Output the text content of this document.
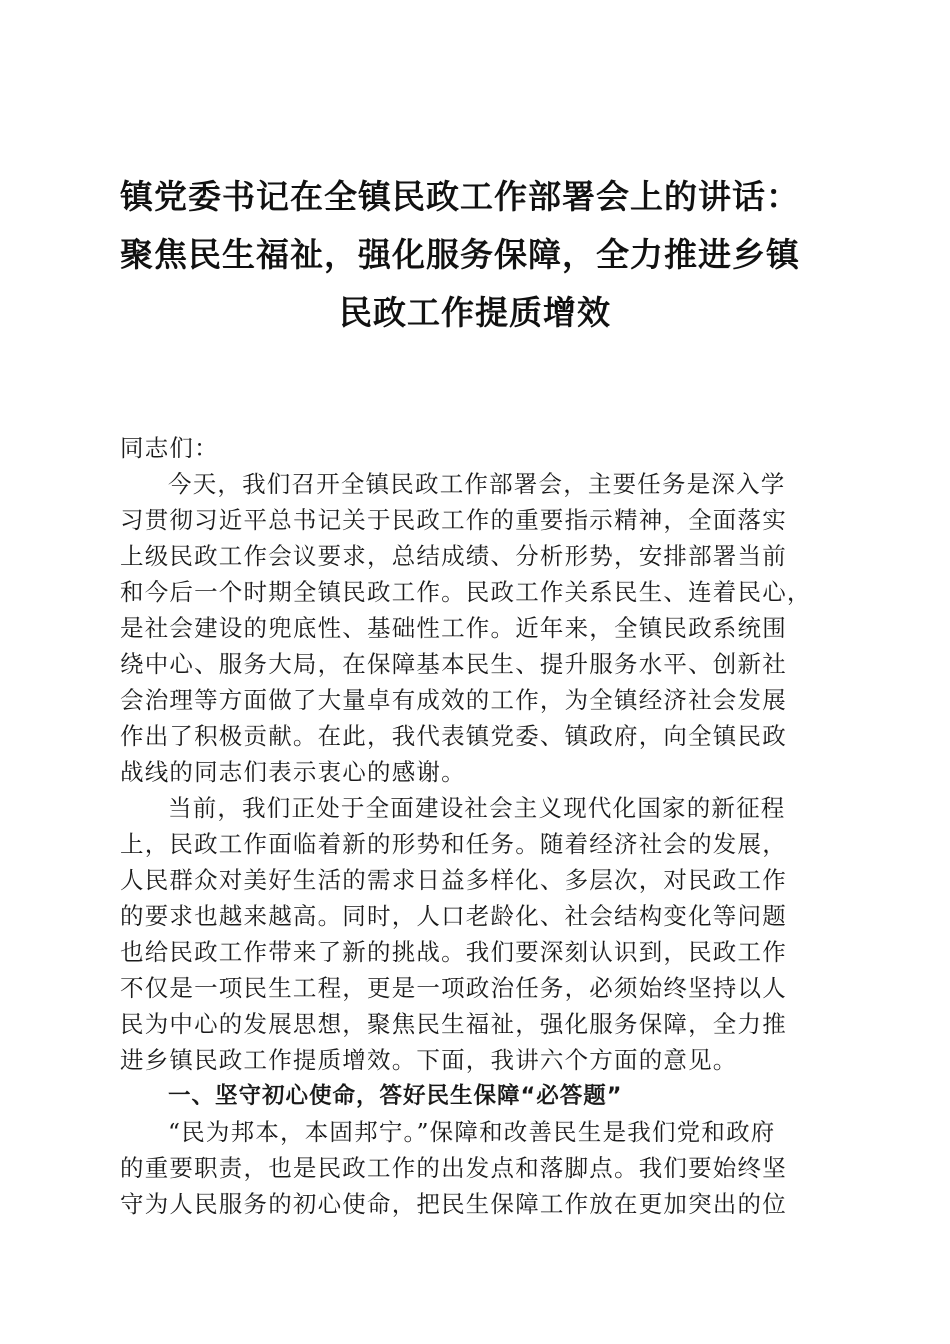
镇党委书记在全镇民政工作部署会上的讲话：
聚焦民生福祉，强化服务保障，全力推进乡镇
民政工作提质增效
同志们：
今天，我们召开全镇民政工作部署会，主要任务是深入学
习贯彻习近平总书记关于民政工作的重要指示精神，全面落实
上级民政工作会议要求，总结成绩、分析形势，安排部署当前
和今后一个时期全镇民政工作。民政工作关系民生、连着民心，
是社会建设的兜底性、基础性工作。近年来，全镇民政系统围
绕中心、服务大局，在保障基本民生、提升服务水平、创新社
会治理等方面做了大量卓有成效的工作，为全镇经济社会发展
作出了积极贡献。在此，我代表镇党委、镇政府，向全镇民政
战线的同志们表示衷心的感谢。
当前，我们正处于全面建设社会主义现代化国家的新征程
上，民政工作面临着新的形势和任务。随着经济社会的发展，
人民群众对美好生活的需求日益多样化、多层次，对民政工作
的要求也越来越高。同时，人口老龄化、社会结构变化等问题
也给民政工作带来了新的挑战。我们要深刻认识到，民政工作
不仅是一项民生工程，更是一项政治任务，必须始终坚持以人
民为中心的发展思想，聚焦民生福祉，强化服务保障，全力推
进乡镇民政工作提质增效。下面，我讲六个方面的意见。
一、坚守初心使命，答好民生保障“必答题”
“民为邦本，本固邦宁。”保障和改善民生是我们党和政府
的重要职责，也是民政工作的出发点和落脚点。我们要始终坚
守为人民服务的初心使命，把民生保障工作放在更加突出的位
